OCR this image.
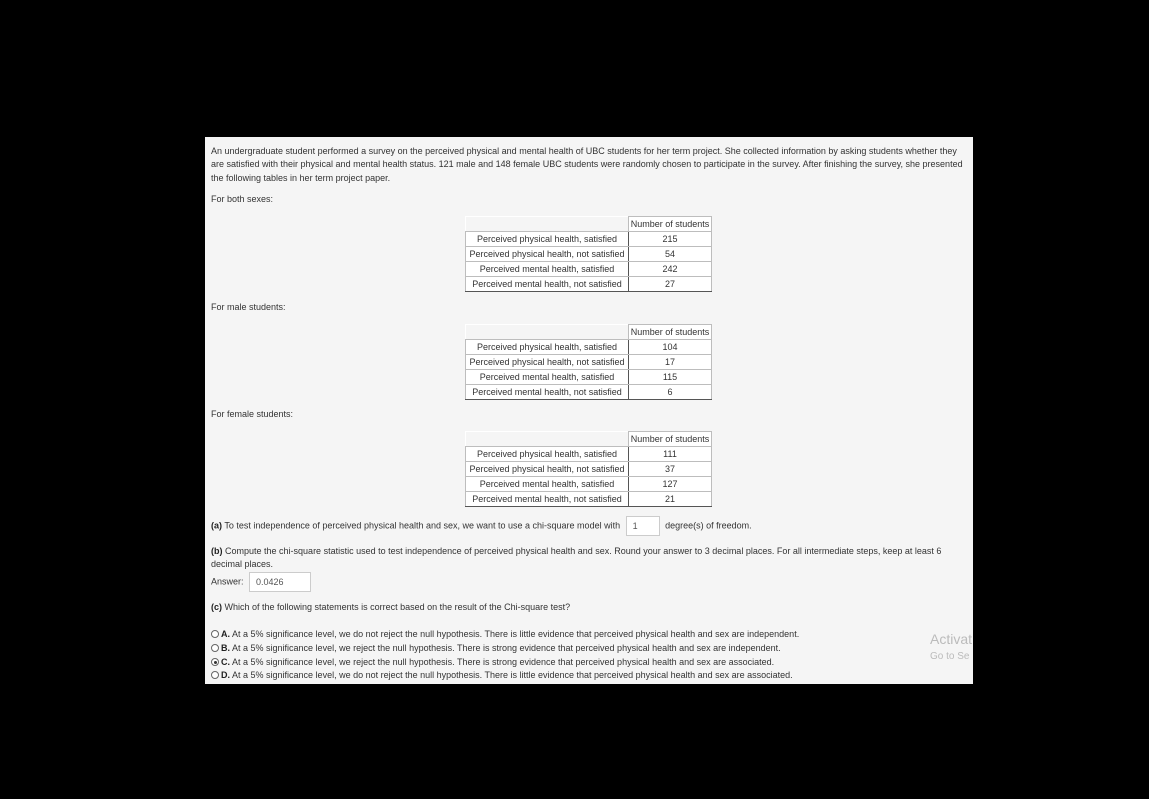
An undergraduate student performed a survey on the perceived physical and mental health of UBC students for her term project. She collected information by asking students whether they are satisfied with their physical and mental health status. 121 male and 148 female UBC students were randomly chosen to participate in the survey. After finishing the survey, she presented the following tables in her term project paper.
For both sexes:
	Number of students
Perceived physical health, satisfied	215
Perceived physical health, not satisfied	54
Perceived mental health, satisfied	242
Perceived mental health, not satisfied	27
For male students:
	Number of students
Perceived physical health, satisfied	104
Perceived physical health, not satisfied	17
Perceived mental health, satisfied	115
Perceived mental health, not satisfied	6
For female students:
	Number of students
Perceived physical health, satisfied	111
Perceived physical health, not satisfied	37
Perceived mental health, satisfied	127
Perceived mental health, not satisfied	21
(a) To test independence of perceived physical health and sex, we want to use a chi-square model with 1	degree(s) of freedom.
(b) Compute the chi-square statistic used to test independence of perceived physical health and sex. Round your answer to 3 decimal places. For all intermediate steps, keep at least 6 decimal places.
Answer: 0.0426
(c) Which of the following statements is correct based on the result of the Chi-square test?
A. At a 5% significance level, we do not reject the null hypothesis. There is little evidence that perceived physical health and sex are independent.
B. At a 5% significance level, we reject the null hypothesis. There is strong evidence that perceived physical health and sex are independent.
C. At a 5% significance level, we reject the null hypothesis. There is strong evidence that perceived physical health and sex are associated.
D. At a 5% significance level, we do not reject the null hypothesis. There is little evidence that perceived physical health and sex are associated.
Activat
Go to Se
